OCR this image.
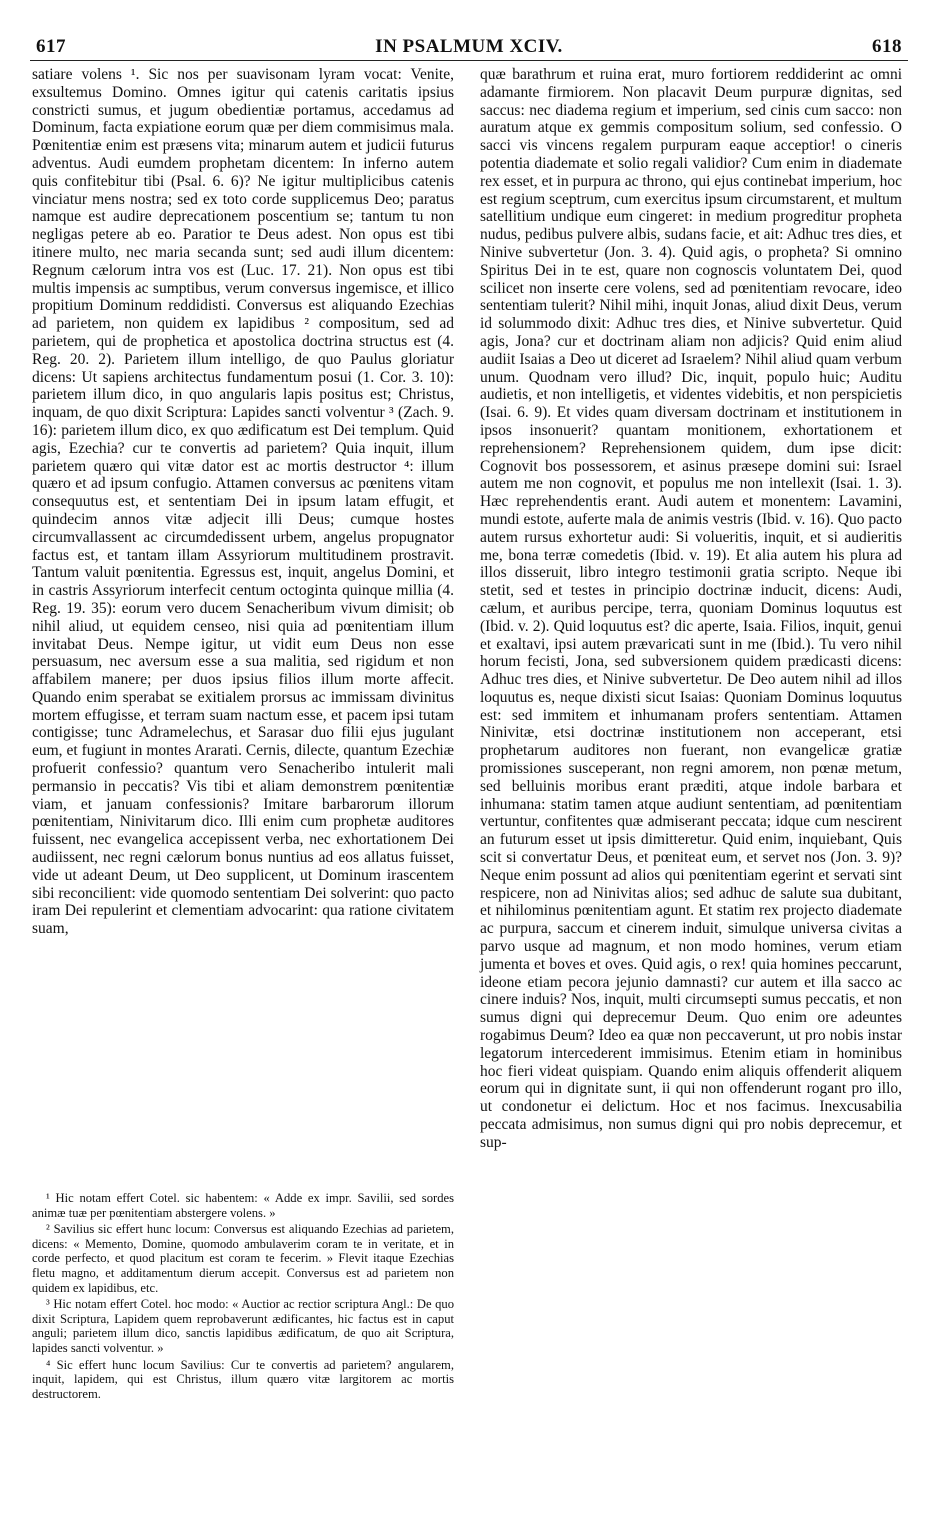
617	IN PSALMUM XCIV.	618

satiare volens ¹. Sic nos per suavisonam lyram vocat: Venite, exsultemus Domino. Omnes igitur qui catenis caritatis ipsius constricti sumus, et jugum obedientiæ portamus, accedamus ad Dominum, facta expiatione eorum quæ per diem commisimus mala. Pœnitentiæ enim est præsens vita; minarum autem et judicii futurus adventus. Audi eumdem prophetam dicentem: In inferno autem quis confitebitur tibi (Psal. 6. 6)? Ne igitur multiplicibus catenis vinciatur mens nostra; sed ex toto corde supplicemus Deo; paratus namque est audire deprecationem poscentium se; tantum tu non negligas petere ab eo. Paratior te Deus adest. Non opus est tibi itinere multo, nec maria secanda sunt; sed audi illum dicentem: Regnum cælorum intra vos est (Luc. 17. 21). Non opus est tibi multis impensis ac sumptibus, verum conversus ingemisce, et illico propitium Dominum reddidisti. Conversus est aliquando Ezechias ad parietem, non quidem ex lapidibus ² compositum, sed ad parietem, qui de prophetica et apostolica doctrina structus est (4. Reg. 20. 2). Parietem illum intelligo, de quo Paulus gloriatur dicens: Ut sapiens architectus fundamentum posui (1. Cor. 3. 10): parietem illum dico, in quo angularis lapis positus est; Christus, inquam, de quo dixit Scriptura: Lapides sancti volventur ³ (Zach. 9. 16): parietem illum dico, ex quo ædificatum est Dei templum. Quid agis, Ezechia? cur te convertis ad parietem? Quia inquit, illum parietem quæro qui vitæ dator est ac mortis destructor ⁴: illum quæro et ad ipsum confugio. Attamen conversus ac pœnitens vitam consequutus est, et sententiam Dei in ipsum latam effugit, et quindecim annos vitæ adjecit illi Deus; cumque hostes circumvallassent ac circumdedissent urbem, angelus propugnator factus est, et tantam illam Assyriorum multitudinem prostravit. Tantum valuit pœnitentia. Egressus est, inquit, angelus Domini, et in castris Assyriorum interfecit centum octoginta quinque millia (4. Reg. 19. 35): eorum vero ducem Senacheribum vivum dimisit; ob nihil aliud, ut equidem censeo, nisi quia ad pœnitentiam illum invitabat Deus. Nempe igitur, ut vidit eum Deus non esse persuasum, nec aversum esse a sua malitia, sed rigidum et non affabilem manere; per duos ipsius filios illum morte affecit. Quando enim sperabat se exitialem prorsus ac immissam divinitus mortem effugisse, et terram suam nactum esse, et pacem ipsi tutam contigisse; tunc Adramelechus, et Sarasar duo filii ejus jugulant eum, et fugiunt in montes Ararati. Cernis, dilecte, quantum Ezechiæ profuerit confessio? quantum vero Senacheribo intulerit mali permansio in peccatis? Vis tibi et aliam demonstrem pœnitentiæ viam, et januam confessionis? Imitare barbarorum illorum pœnitentiam, Ninivitarum dico. Illi enim cum prophetæ auditores fuissent, nec evangelica accepissent verba, nec exhortationem Dei audiissent, nec regni cælorum bonus nuntius ad eos allatus fuisset, vide ut adeant Deum, ut Deo supplicent, ut Dominum irascentem sibi reconcilient: vide quomodo sententiam Dei solverint: quo pacto iram Dei repulerint et clementiam advocarint: qua ratione civitatem suam,

quæ barathrum et ruina erat, muro fortiorem reddiderint ac omni adamante firmiorem. Non placavit Deum purpuræ dignitas, sed saccus: nec diadema regium et imperium, sed cinis cum sacco: non auratum atque ex gemmis compositum solium, sed confessio. O sacci vis vincens regalem purpuram eaque acceptior! o cineris potentia diademate et solio regali validior? Cum enim in diademate rex esset, et in purpura ac throno, qui ejus continebat imperium, hoc est regium sceptrum, cum exercitus ipsum circumstarent, et multum satellitium undique eum cingeret: in medium progreditur propheta nudus, pedibus pulvere albis, sudans facie, et ait: Adhuc tres dies, et Ninive subvertetur (Jon. 3. 4). Quid agis, o propheta? Si omnino Spiritus Dei in te est, quare non cognoscis voluntatem Dei, quod scilicet non inserte cere volens, sed ad pœnitentiam revocare, ideo sententiam tulerit? Nihil mihi, inquit Jonas, aliud dixit Deus, verum id solummodo dixit: Adhuc tres dies, et Ninive subvertetur. Quid agis, Jona? cur et doctrinam aliam non adjicis? Quid enim aliud audiit Isaias a Deo ut diceret ad Israelem? Nihil aliud quam verbum unum. Quodnam vero illud? Dic, inquit, populo huic; Auditu audietis, et non intelligetis, et videntes videbitis, et non perspicietis (Isai. 6. 9). Et vides quam diversam doctrinam et institutionem in ipsos insonuerit? quantam monitionem, exhortationem et reprehensionem? Reprehensionem quidem, dum ipse dicit: Cognovit bos possessorem, et asinus præsepe domini sui: Israel autem me non cognovit, et populus me non intellexit (Isai. 1. 3). Hæc reprehendentis erant. Audi autem et monentem: Lavamini, mundi estote, auferte mala de animis vestris (Ibid. v. 16). Quo pacto autem rursus exhortetur audi: Si volueritis, inquit, et si audieritis me, bona terræ comedetis (Ibid. v. 19). Et alia autem his plura ad illos disseruit, libro integro testimonii gratia scripto. Neque ibi stetit, sed et testes in principio doctrinæ inducit, dicens: Audi, cælum, et auribus percipe, terra, quoniam Dominus loquutus est (Ibid. v. 2). Quid loquutus est? dic aperte, Isaia. Filios, inquit, genui et exaltavi, ipsi autem prævaricati sunt in me (Ibid.). Tu vero nihil horum fecisti, Jona, sed subversionem quidem prædicasti dicens: Adhuc tres dies, et Ninive subvertetur. De Deo autem nihil ad illos loquutus es, neque dixisti sicut Isaias: Quoniam Dominus loquutus est: sed immitem et inhumanam profers sententiam. Attamen Ninivitæ, etsi doctrinæ institutionem non acceperant, etsi prophetarum auditores non fuerant, non evangelicæ gratiæ promissiones susceperant, non regni amorem, non pœnæ metum, sed belluinis moribus erant præditi, atque indole barbara et inhumana: statim tamen atque audiunt sententiam, ad pœnitentiam vertuntur, confitentes quæ admiserant peccata; idque cum nescirent an futurum esset ut ipsis dimitteretur. Quid enim, inquiebant, Quis scit si convertatur Deus, et pœniteat eum, et servet nos (Jon. 3. 9)? Neque enim possunt ad alios qui pœnitentiam egerint et servati sint respicere, non ad Ninivitas alios; sed adhuc de salute sua dubitant, et nihilominus pœnitentiam agunt. Et statim rex projecto diademate ac purpura, saccum et cinerem induit, simulque universa civitas a parvo usque ad magnum, et non modo homines, verum etiam jumenta et boves et oves. Quid agis, o rex! quia homines peccarunt, ideone etiam pecora jejunio damnasti? cur autem et illa sacco ac cinere induis? Nos, inquit, multi circumsepti sumus peccatis, et non sumus digni qui deprecemur Deum. Quo enim ore adeuntes rogabimus Deum? Ideo ea quæ non peccaverunt, ut pro nobis instar legatorum intercederent immisimus. Etenim etiam in hominibus hoc fieri videat quispiam. Quando enim aliquis offenderit aliquem eorum qui in dignitate sunt, ii qui non offenderunt rogant pro illo, ut condonetur ei delictum. Hoc et nos facimus. Inexcusabilia peccata admisimus, non sumus digni qui pro nobis deprecemur, et sup-

¹ Hic notam effert Cotel. sic habentem: « Adde ex impr. Savilii, sed sordes animæ tuæ per pœnitentiam abstergere volens. »

² Savilius sic effert hunc locum: Conversus est aliquando Ezechias ad parietem, dicens: « Memento, Domine, quomodo ambulaverim coram te in veritate, et in corde perfecto, et quod placitum est coram te fecerim. » Flevit itaque Ezechias fletu magno, et additamentum dierum accepit. Conversus est ad parietem non quidem ex lapidibus, etc.

³ Hic notam effert Cotel. hoc modo: « Auctior ac rectior scriptura Angl.: De quo dixit Scriptura, Lapidem quem reprobaverunt ædificantes, hic factus est in caput anguli; parietem illum dico, sanctis lapidibus ædificatum, de quo ait Scriptura, lapides sancti volventur. »

⁴ Sic effert hunc locum Savilius: Cur te convertis ad parietem? angularem, inquit, lapidem, qui est Christus, illum quæro vitæ largitorem ac mortis destructorem.
